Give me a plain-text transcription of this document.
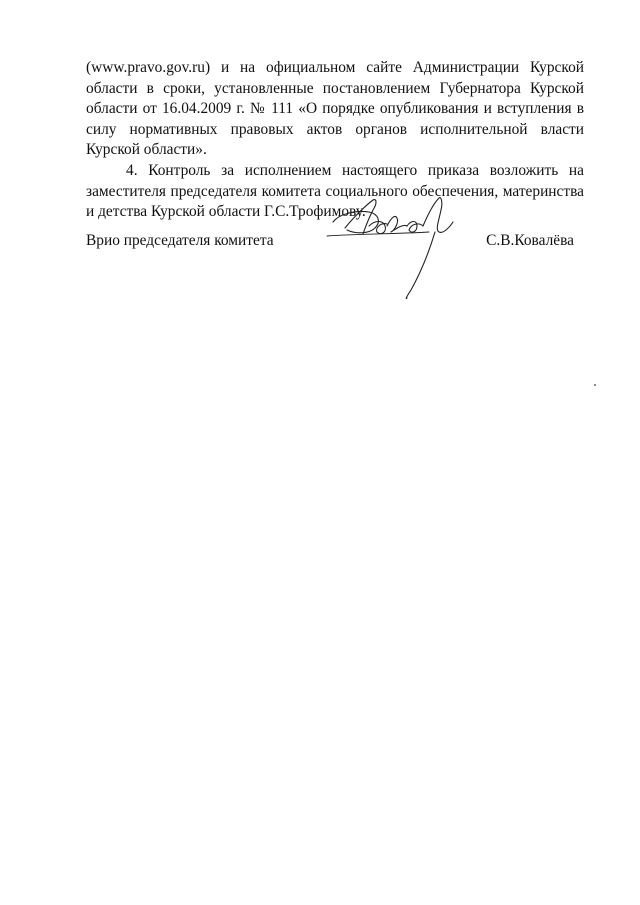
(www.pravo.gov.ru) и на официальном сайте Администрации Курской
области в сроки, установленные постановлением Губернатора Курской
области от 16.04.2009 г. № 111 «О порядке опубликования и вступления в
силу нормативных правовых актов органов исполнительной власти
Курской области».
4. Контроль за исполнением настоящего приказа возложить на
заместителя председателя комитета социального обеспечения, материнства
и детства Курской области Г.С.Трофимову.
Врио председателя комитета	С.В.Ковалёва
